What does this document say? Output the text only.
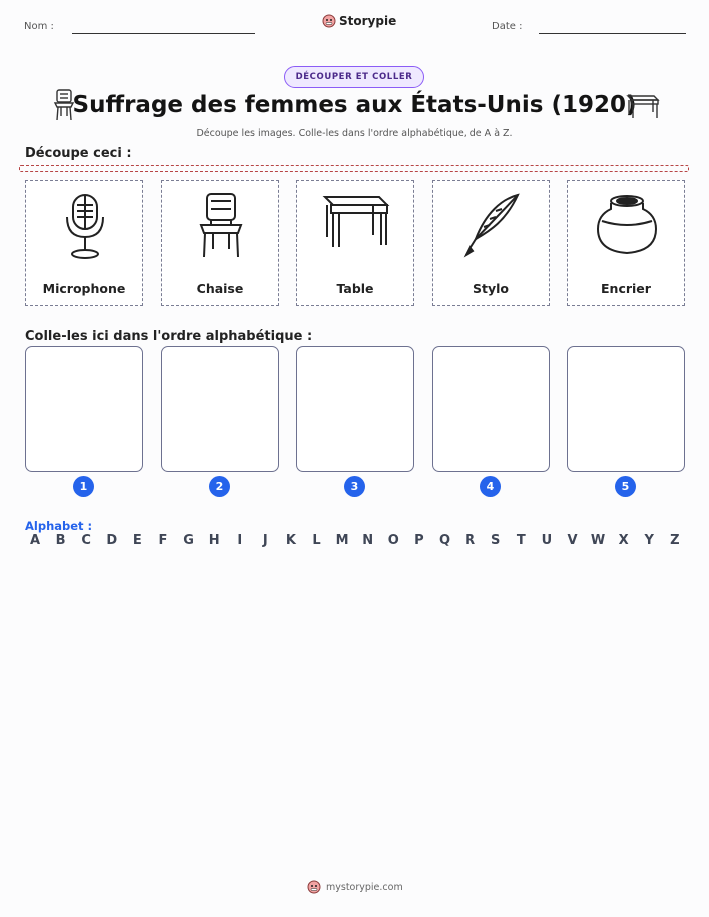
Nom :	Storypie	Date :
DÉCOUPER ET COLLER
Suffrage des femmes aux États-Unis (1920)
Découpe les images. Colle-les dans l'ordre alphabétique, de A à Z.
Découpe ceci :
Microphone	Chaise	Table	Stylo	Encrier
Colle-les ici dans l'ordre alphabétique :
1	2	3	4	5
Alphabet :
A	B	C	D	E	F	G	H	I	J	K	L	M	N	O	P	Q	R	S	T	U	V	W	X	Y	Z
mystorypie.com
